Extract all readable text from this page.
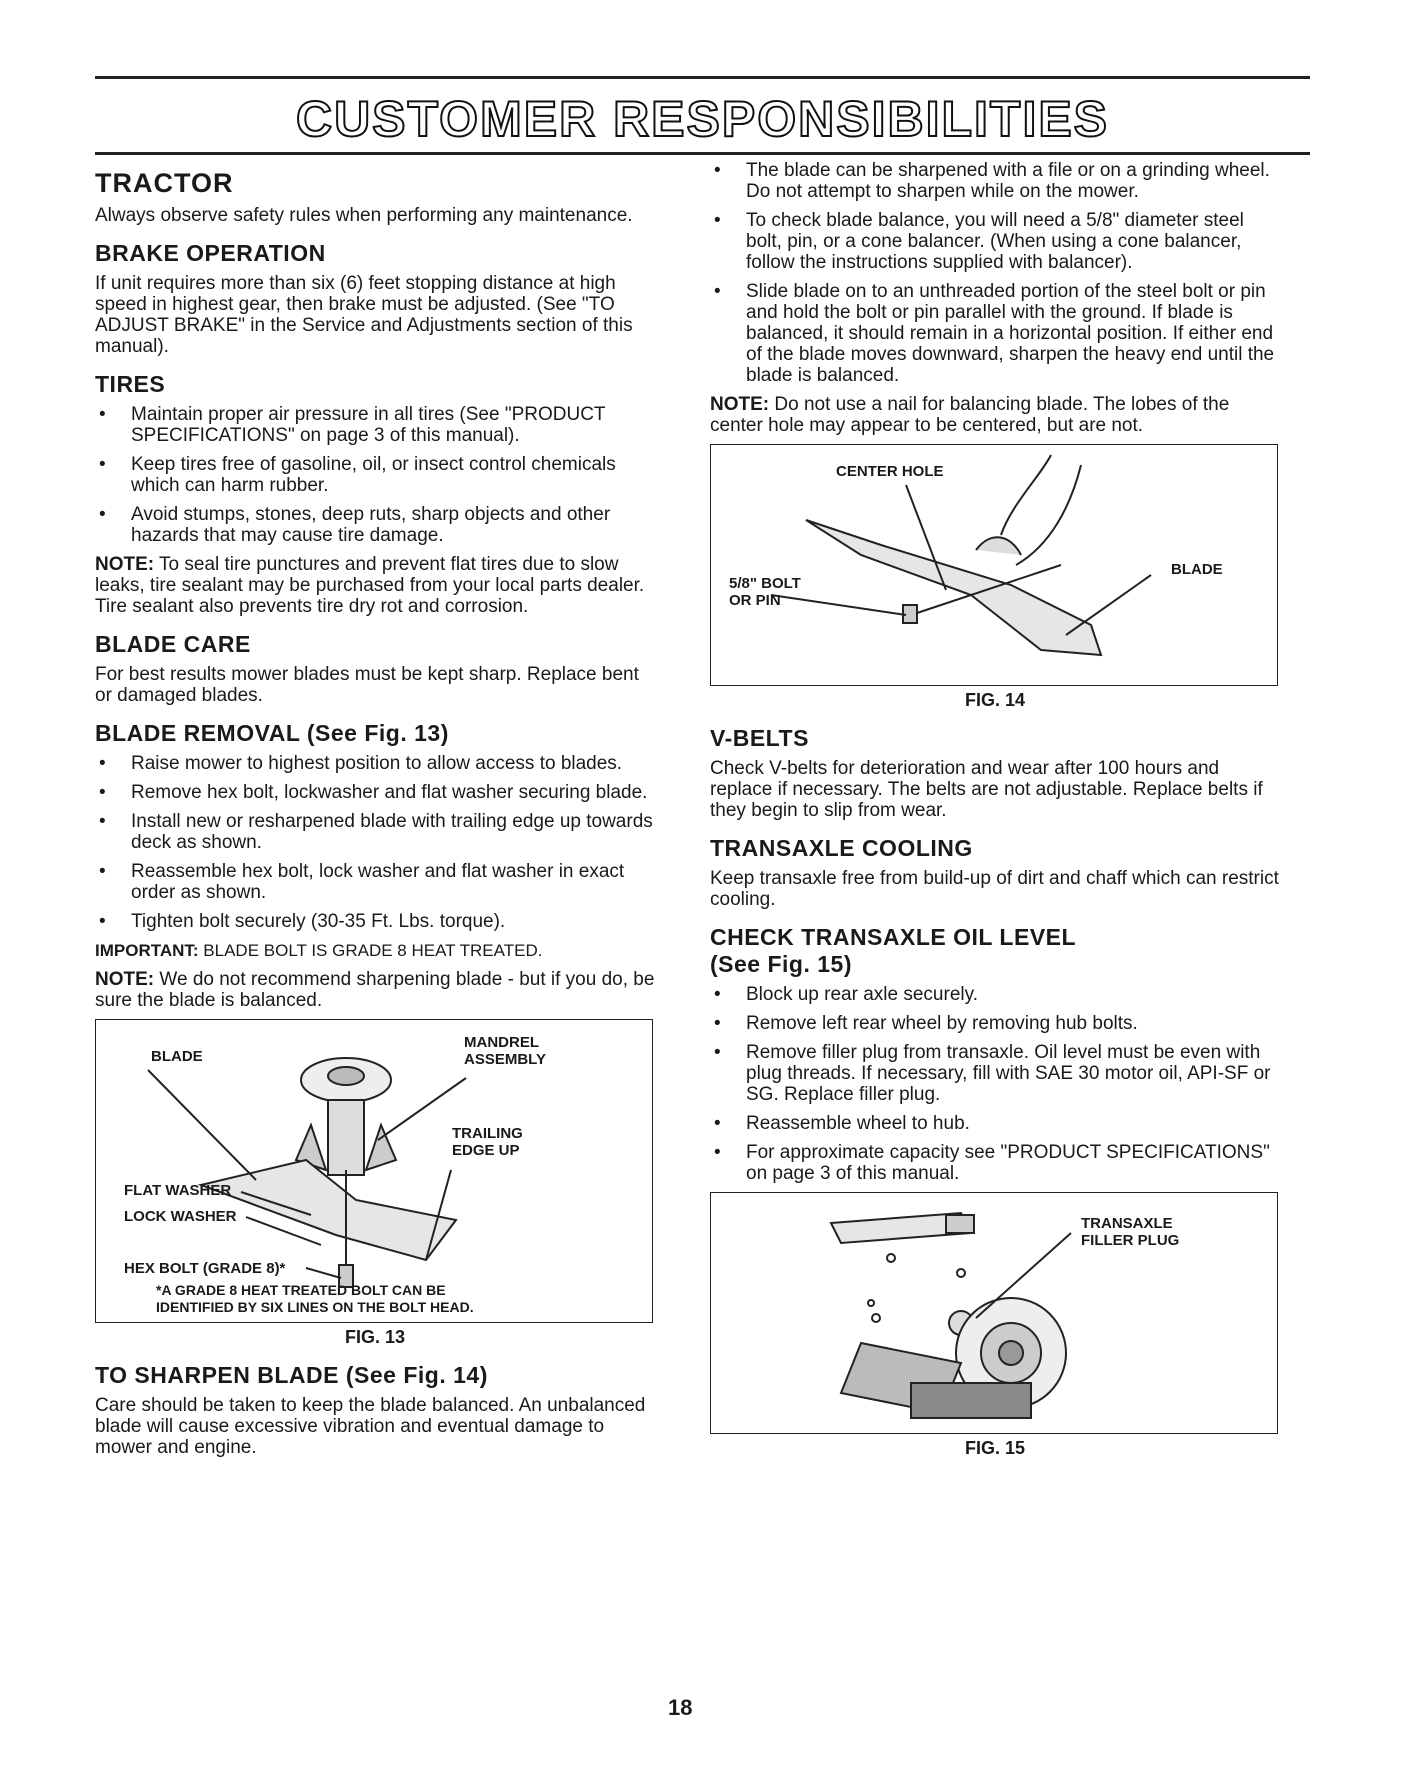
CUSTOMER RESPONSIBILITIES
TRACTOR

Always observe safety rules when performing any maintenance.

BRAKE OPERATION

If unit requires more than six (6) feet stopping distance at high speed in highest gear, then brake must be adjusted. (See "TO ADJUST BRAKE" in the Service and Adjustments section of this manual).

TIRES
• Maintain proper air pressure in all tires (See "PRODUCT SPECIFICATIONS" on page 3 of this manual).
• Keep tires free of gasoline, oil, or insect control chemicals which can harm rubber.
• Avoid stumps, stones, deep ruts, sharp objects and other hazards that may cause tire damage.

NOTE: To seal tire punctures and prevent flat tires due to slow leaks, tire sealant may be purchased from your local parts dealer. Tire sealant also prevents tire dry rot and corrosion.

BLADE CARE

For best results mower blades must be kept sharp. Replace bent or damaged blades.

BLADE REMOVAL (See Fig. 13)
• Raise mower to highest position to allow access to blades.
• Remove hex bolt, lockwasher and flat washer securing blade.
• Install new or resharpened blade with trailing edge up towards deck as shown.
• Reassemble hex bolt, lock washer and flat washer in exact order as shown.
• Tighten bolt securely (30-35 Ft. Lbs. torque).

IMPORTANT: BLADE BOLT IS GRADE 8 HEAT TREATED.

NOTE: We do not recommend sharpening blade - but if you do, be sure the blade is balanced.

BLADE
MANDREL
ASSEMBLY
TRAILING
EDGE UP
FLAT WASHER
LOCK WASHER
HEX BOLT (GRADE 8)*
*A GRADE 8 HEAT TREATED BOLT CAN BE
IDENTIFIED BY SIX LINES ON THE BOLT HEAD.
FIG. 13
TO SHARPEN BLADE (See Fig. 14)

Care should be taken to keep the blade balanced. An unbalanced blade will cause excessive vibration and eventual damage to mower and engine.

• The blade can be sharpened with a file or on a grinding wheel. Do not attempt to sharpen while on the mower.
• To check blade balance, you will need a 5/8" diameter steel bolt, pin, or a cone balancer. (When using a cone balancer, follow the instructions supplied with balancer).
• Slide blade on to an unthreaded portion of the steel bolt or pin and hold the bolt or pin parallel with the ground. If blade is balanced, it should remain in a horizontal position. If either end of the blade moves downward, sharpen the heavy end until the blade is balanced.

NOTE: Do not use a nail for balancing blade. The lobes of the center hole may appear to be centered, but are not.

CENTER HOLE
5/8" BOLT
OR PIN
BLADE
FIG. 14
V-BELTS

Check V-belts for deterioration and wear after 100 hours and replace if necessary. The belts are not adjustable. Replace belts if they begin to slip from wear.

TRANSAXLE COOLING

Keep transaxle free from build-up of dirt and chaff which can restrict cooling.

CHECK TRANSAXLE OIL LEVEL
(See Fig. 15)
• Block up rear axle securely.
• Remove left rear wheel by removing hub bolts.
• Remove filler plug from transaxle. Oil level must be even with plug threads. If necessary, fill with SAE 30 motor oil, API-SF or SG. Replace filler plug.
• Reassemble wheel to hub.
• For approximate capacity see "PRODUCT SPECIFICATIONS" on page 3 of this manual.
TRANSAXLE
FILLER PLUG
FIG. 15
18
